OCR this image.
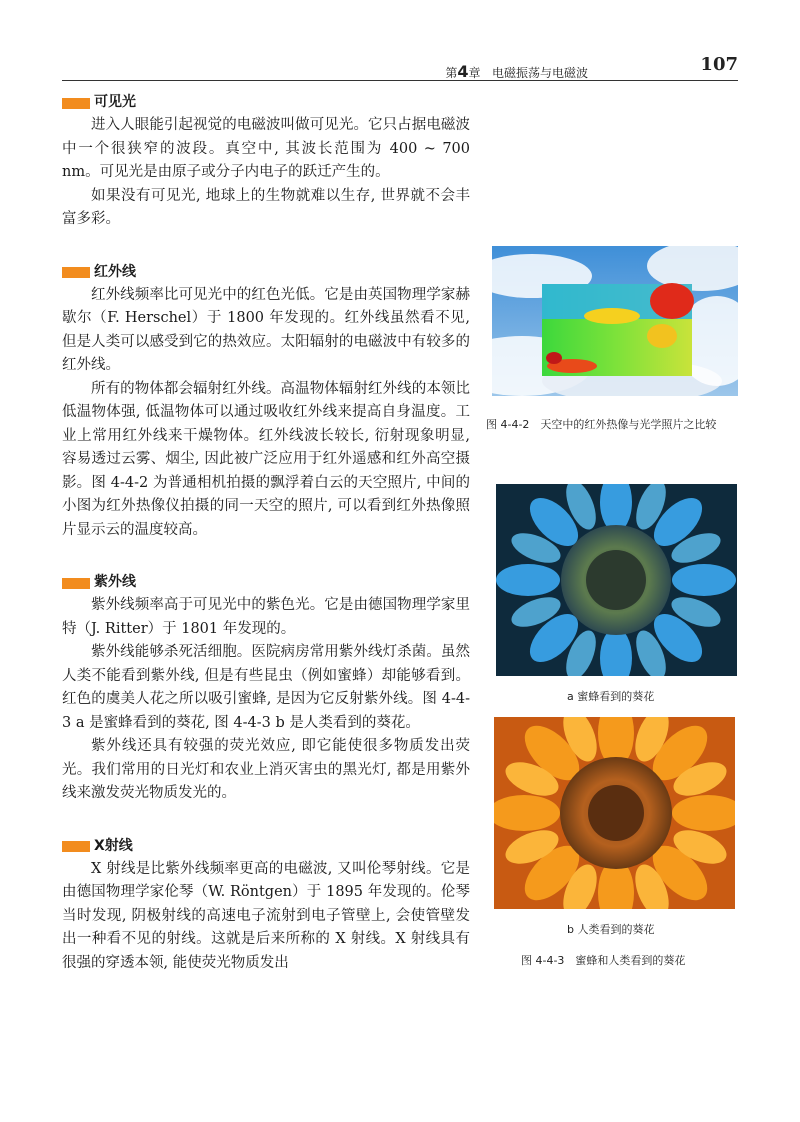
第4章 电磁振荡与电磁波	107
可见光

进入人眼能引起视觉的电磁波叫做可见光。它只占据电磁波中一个很狭窄的波段。真空中, 其波长范围为 400 ~ 700 nm。可见光是由原子或分子内电子的跃迁产生的。

如果没有可见光, 地球上的生物就难以生存, 世界就不会丰富多彩。

红外线

红外线频率比可见光中的红色光低。它是由英国物理学家赫歇尔（F. Herschel）于 1800 年发现的。红外线虽然看不见, 但是人类可以感受到它的热效应。太阳辐射的电磁波中有较多的红外线。

所有的物体都会辐射红外线。高温物体辐射红外线的本领比低温物体强, 低温物体可以通过吸收红外线来提高自身温度。工业上常用红外线来干燥物体。红外线波长较长, 衍射现象明显, 容易透过云雾、烟尘, 因此被广泛应用于红外遥感和红外高空摄影。图 4-4-2 为普通相机拍摄的飘浮着白云的天空照片, 中间的小图为红外热像仪拍摄的同一天空的照片, 可以看到红外热像照片显示云的温度较高。

紫外线

紫外线频率高于可见光中的紫色光。它是由德国物理学家里特（J. Ritter）于 1801 年发现的。

紫外线能够杀死活细胞。医院病房常用紫外线灯杀菌。虽然人类不能看到紫外线, 但是有些昆虫（例如蜜蜂）却能够看到。红色的虞美人花之所以吸引蜜蜂, 是因为它反射紫外线。图 4-4-3 a 是蜜蜂看到的葵花, 图 4-4-3 b 是人类看到的葵花。

紫外线还具有较强的荧光效应, 即它能使很多物质发出荧光。我们常用的日光灯和农业上消灭害虫的黑光灯, 都是用紫外线来激发荧光物质发光的。

X射线

X 射线是比紫外线频率更高的电磁波, 又叫伦琴射线。它是由德国物理学家伦琴（W. Röntgen）于 1895 年发现的。伦琴当时发现, 阴极射线的高速电子流射到电子管壁上, 会使管壁发出一种看不见的射线。这就是后来所称的 X 射线。X 射线具有很强的穿透本领, 能使荧光物质发出

图 4-4-2　天空中的红外热像与光学照片之比较
a 蜜蜂看到的葵花
b 人类看到的葵花
图 4-4-3　蜜蜂和人类看到的葵花
